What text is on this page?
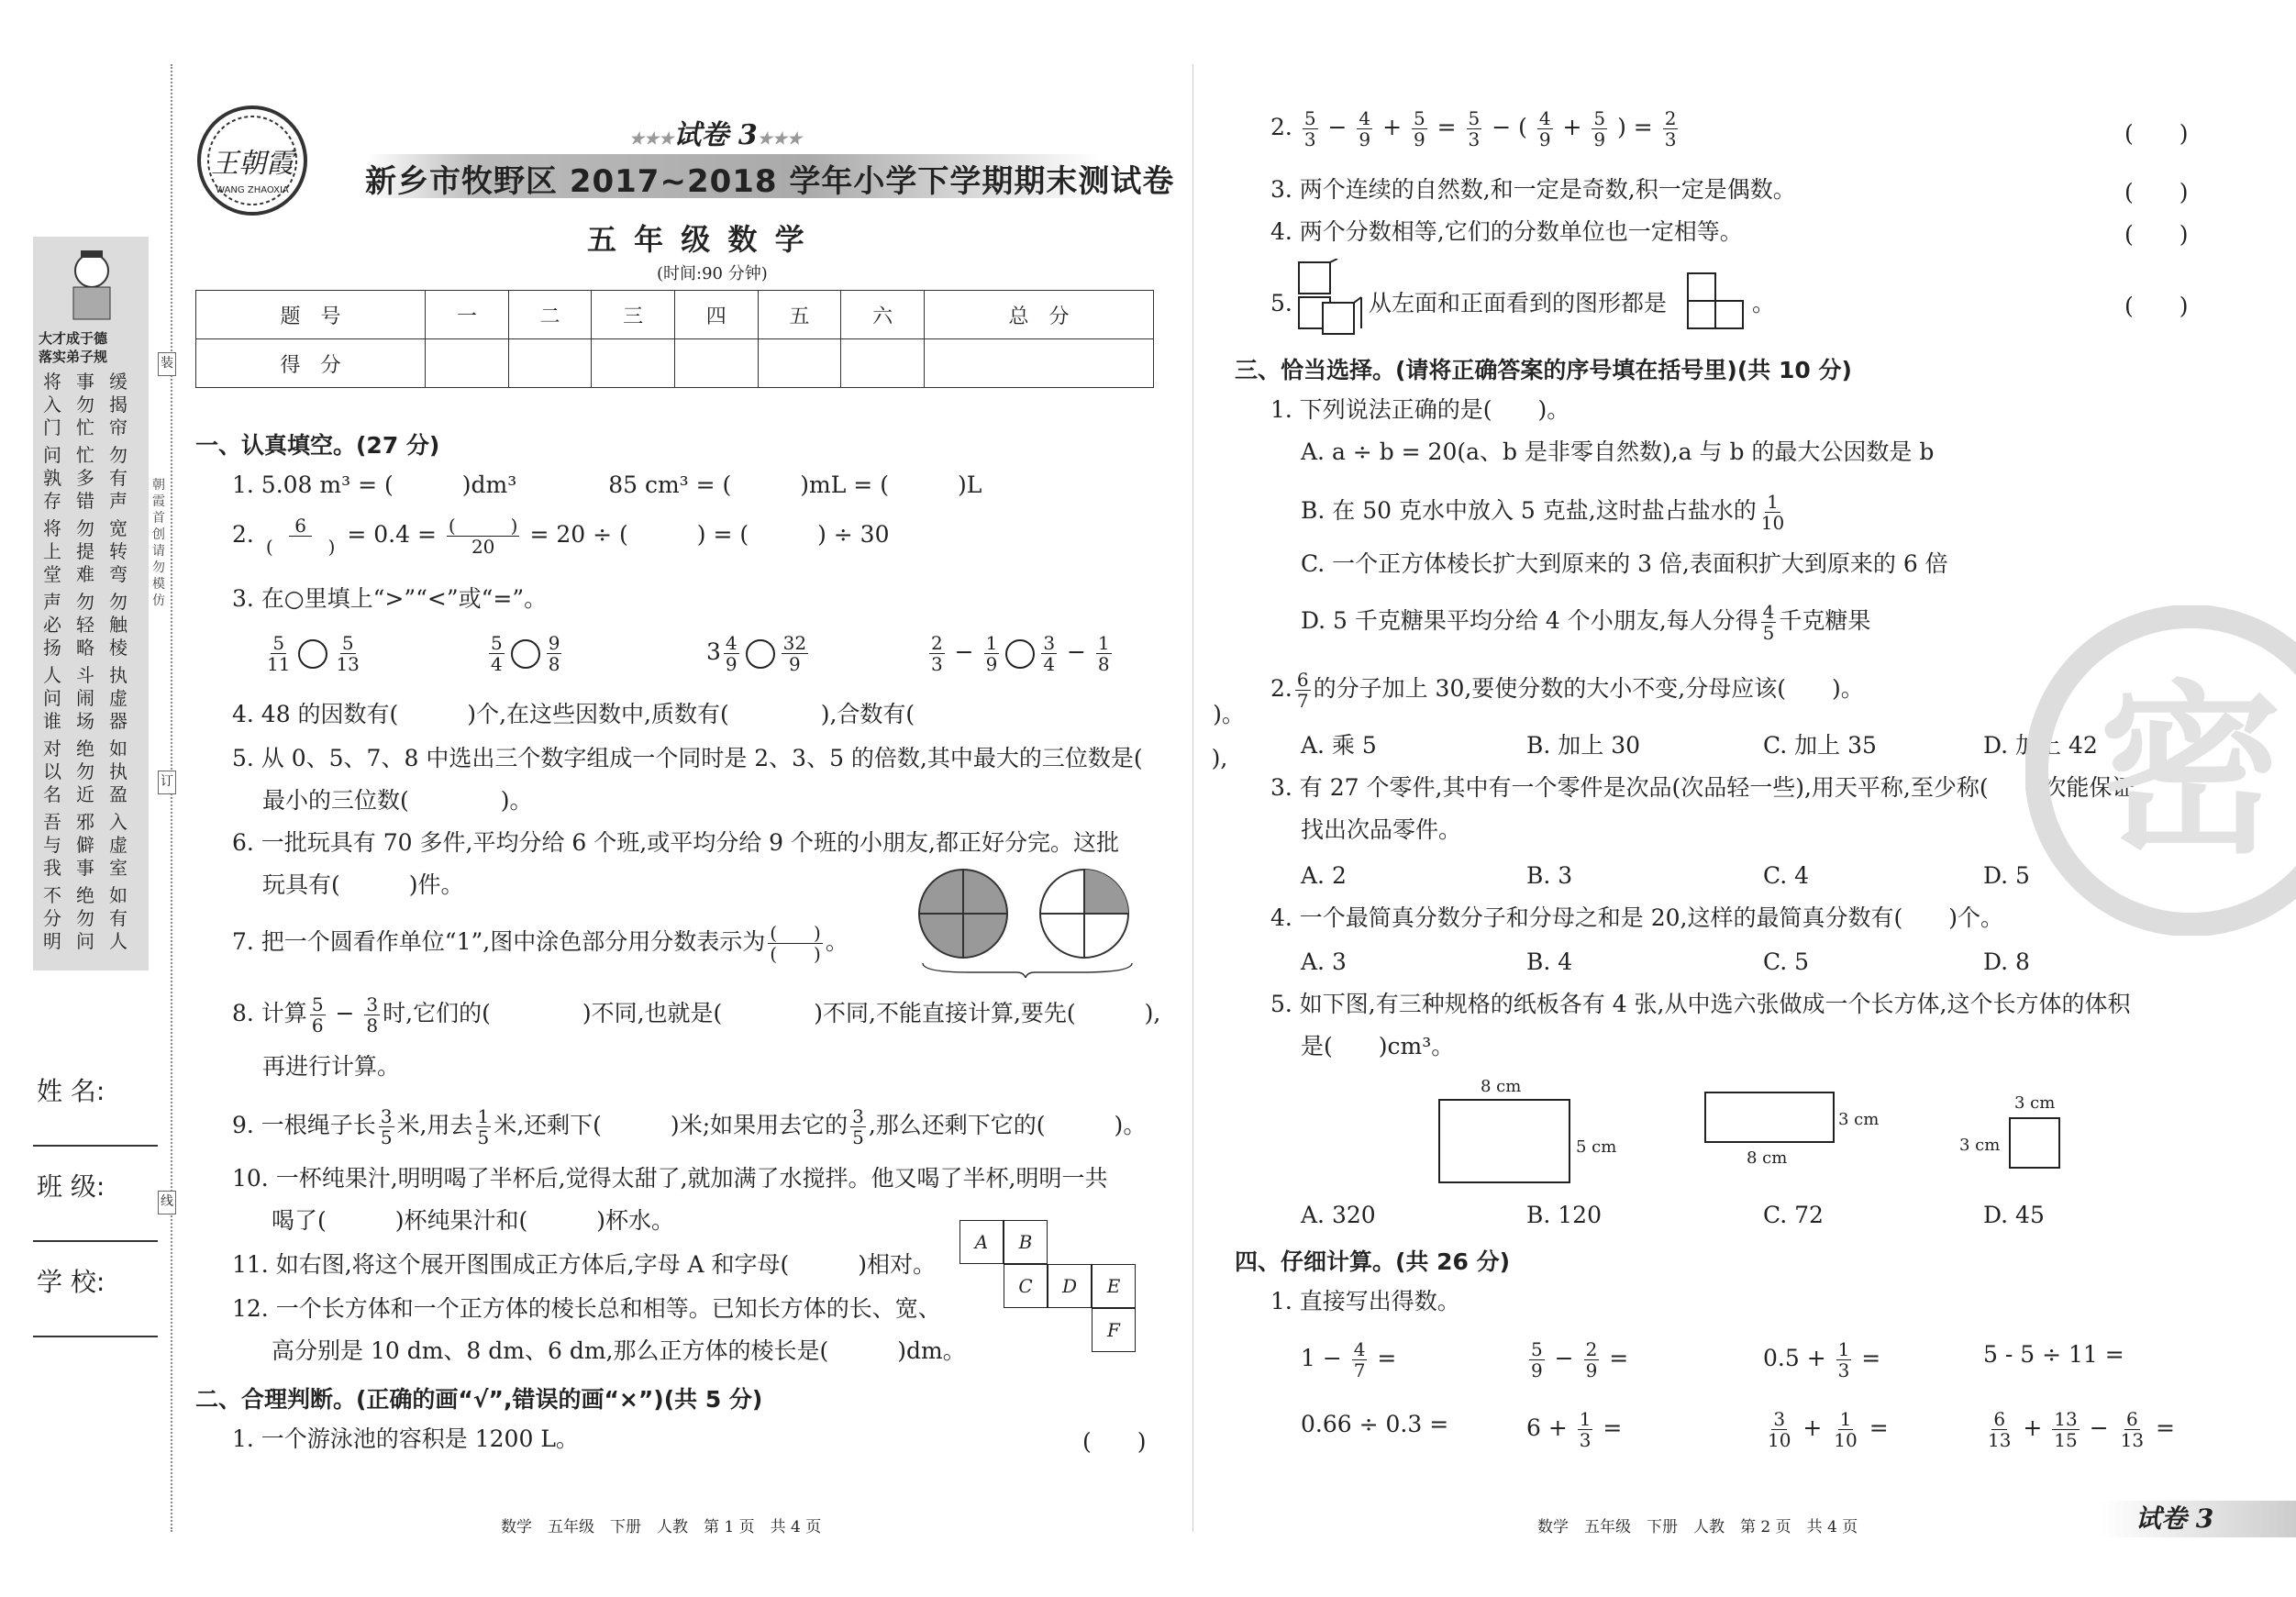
大才成于德
落实弟子规
缓揭帘
事勿忙
将入门
勿有声
忙多错
问孰存
宽转弯
勿提难
将上堂
勿触棱
勿轻略
声必扬
执虚器
斗闹场
人问谁
如执盈
绝勿近
对以名
入虚室
邪僻事
吾与我
如有人
绝勿问
不分明
姓 名:
班 级:
学 校:
装
订
线
朝霞首创 请勿模仿
王朝霞
WANG ZHAOXIA
★★★试卷 3★★★
新乡市牧野区 2017~2018 学年小学下学期期末测试卷
五 年 级 数 学
(时间:90 分钟)
题　号	一	二	三	四	五	六	总　分
得　分							
一、认真填空。(27 分)
1. 5.08 m³ = (　　　)dm³　　　　85 cm³ = (　　　)mL = (　　　)L
2.  $\frac{6}{( )} = 0.4 = \frac{( )}{20} = 20$ ÷ (　　　) = (　　　) ÷ 30
3. 在○里填上“>”“<”或“=”。
$\frac{5}{11} \frac{5}{13}$	$\frac{5}{4} \frac{9}{8}$	$3 \frac{4}{9} \frac{32}{9}$	$\frac{2}{3} - \frac{1}{9} \frac{3}{4} - \frac{1}{8}$
4. 48 的因数有(　　　)个,在这些因数中,质数有(　　　　),合数有(　　　　　　　　　　　　　)。
5. 从 0、5、7、8 中选出三个数字组成一个同时是 2、3、5 的倍数,其中最大的三位数是(　　　),
最小的三位数(　　　　)。
6. 一批玩具有 70 多件,平均分给 6 个班,或平均分给 9 个班的小朋友,都正好分完。这批
玩具有(　　　)件。
7. 把一个圆看作单位“1”,图中涂色部分用分数表示为 $\frac{( )}{( )}$ 。
8. 计算 $\frac{5}{6} - \frac{3}{8}$ 时,它们的(　　　　)不同,也就是(　　　　)不同,不能直接计算,要先(　　　),
再进行计算。
9. 一根绳子长 $\frac{3}{5}$ 米,用去 $\frac{1}{5}$ 米,还剩下(　　　)米;如果用去它的 $\frac{3}{5}$ ,那么还剩下它的(　　　)。
10. 一杯纯果汁,明明喝了半杯后,觉得太甜了,就加满了水搅拌。他又喝了半杯,明明一共
喝了(　　　)杯纯果汁和(　　　)杯水。
11. 如右图,将这个展开图围成正方体后,字母 A 和字母(　　　)相对。
12. 一个长方体和一个正方体的棱长总和相等。已知长方体的长、宽、
高分别是 10 dm、8 dm、6 dm,那么正方体的棱长是(　　　)dm。
A	B
C	D	E
F
二、合理判断。(正确的画“√”,错误的画“×”)(共 5 分)
1. 一个游泳池的容积是 1200 L。	(　　)
2. $\frac{5}{3} - \frac{4}{9} + \frac{5}{9} = \frac{5}{3}$ − ( $\frac{4}{9} + \frac{5}{9}$ ) = $\frac{2}{3}$	(　　)
3. 两个连续的自然数,和一定是奇数,积一定是偶数。	(　　)
4. 两个分数相等,它们的分数单位也一定相等。	(　　)
5.	从左面和正面看到的图形都是	。	(　　)
三、恰当选择。(请将正确答案的序号填在括号里)(共 10 分)
1. 下列说法正确的是(　　)。
A. a ÷ b = 20(a、b 是非零自然数),a 与 b 的最大公因数是 b
B. 在 50 克水中放入 5 克盐,这时盐占盐水的 $\frac{1}{10}$
C. 一个正方体棱长扩大到原来的 3 倍,表面积扩大到原来的 6 倍
D. 5 千克糖果平均分给 4 个小朋友,每人分得 $\frac{4}{5}$ 千克糖果
2. $\frac{6}{7}$ 的分子加上 30,要使分数的大小不变,分母应该(　　)。
A. 乘 5	B. 加上 30	C. 加上 35	D. 加上 42
3. 有 27 个零件,其中有一个零件是次品(次品轻一些),用天平称,至少称(　　)次能保证
找出次品零件。
A. 2	B. 3	C. 4	D. 5
4. 一个最简真分数分子和分母之和是 20,这样的最简真分数有(　　)个。
A. 3	B. 4	C. 5	D. 8
5. 如下图,有三种规格的纸板各有 4 张,从中选六张做成一个长方体,这个长方体的体积
是(　　)cm³。
8 cm
5 cm
3 cm
8 cm
3 cm
3 cm
A. 320	B. 120	C. 72	D. 45
四、仔细计算。(共 26 分)
1. 直接写出得数。
$1 - \frac{4}{7}$ =	$\frac{5}{9} - \frac{2}{9}$ =	$0.5 + \frac{1}{3}$ =	5 - 5 ÷ 11 =
0.66 ÷ 0.3 =	$6 + \frac{1}{3}$ =	$\frac{3}{10} + \frac{1}{10}$ =	$\frac{6}{13} + \frac{13}{15} - \frac{6}{13}$ =
密
数学　五年级　下册　人教　第 1 页　共 4 页	数学　五年级　下册　人教　第 2 页　共 4 页	试卷 3
